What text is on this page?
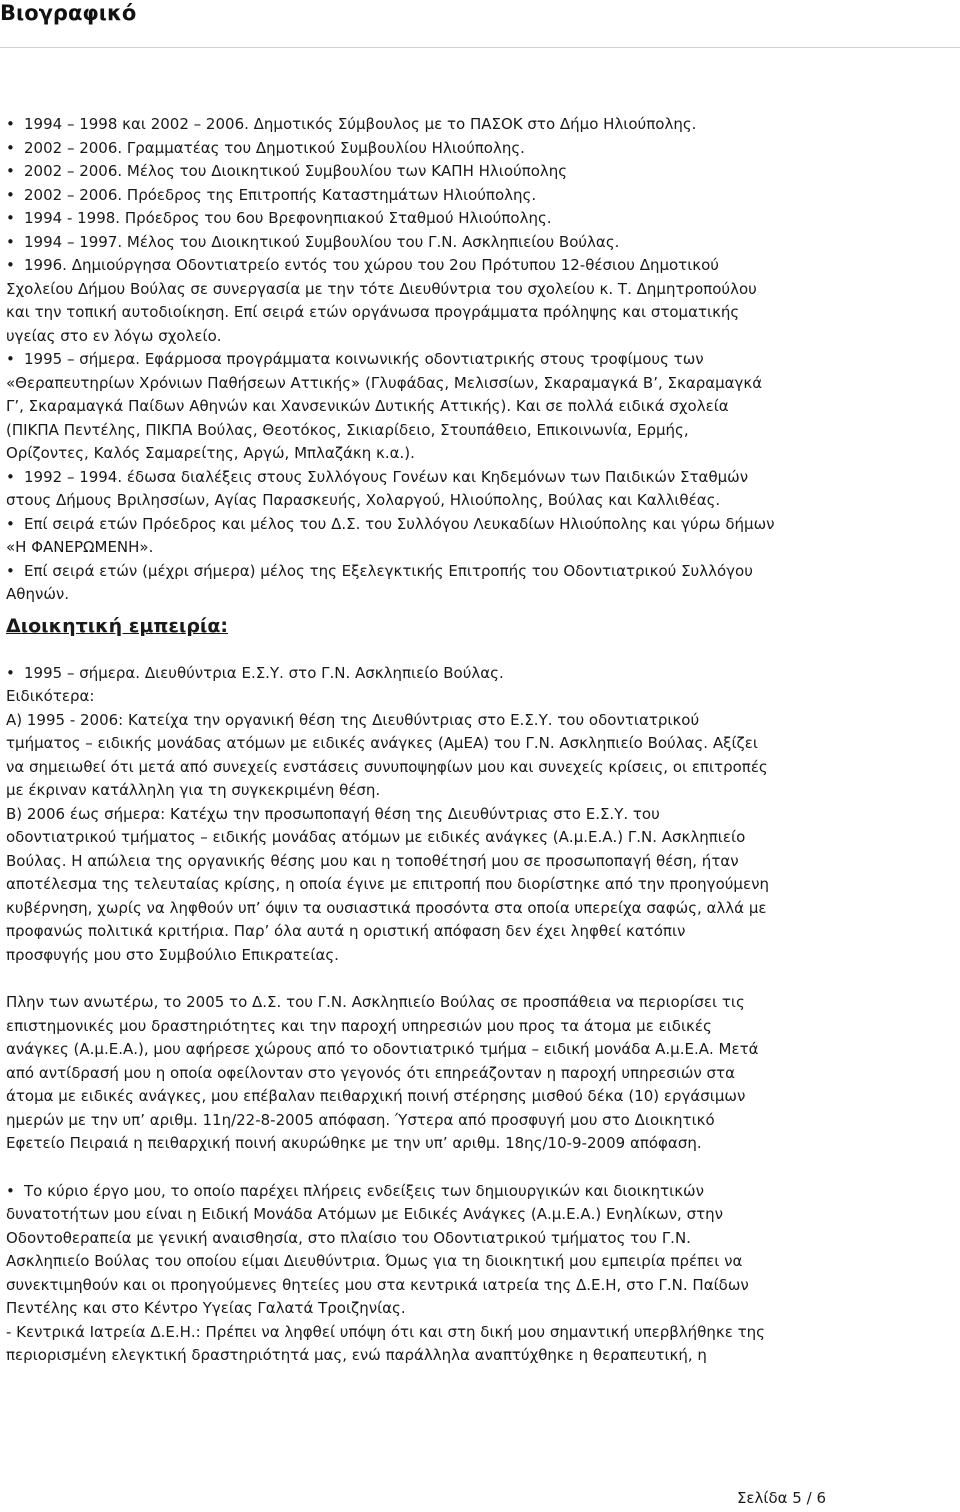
Βιογραφικό
• 1994 – 1998 και 2002 – 2006. Δημοτικός Σύμβουλος με το ΠΑΣΟΚ στο Δήμο Ηλιούπολης.
• 2002 – 2006. Γραμματέας του Δημοτικού Συμβουλίου Ηλιούπολης.
• 2002 – 2006. Μέλος του Διοικητικού Συμβουλίου των ΚΑΠΗ Ηλιούπολης
• 2002 – 2006. Πρόεδρος της Επιτροπής Καταστημάτων Ηλιούπολης.
• 1994 - 1998. Πρόεδρος του 6ου Βρεφονηπιακού Σταθμού Ηλιούπολης.
• 1994 – 1997. Μέλος του Διοικητικού Συμβουλίου του Γ.Ν. Ασκληπιείου Βούλας.
• 1996. Δημιούργησα Οδοντιατρείο εντός του χώρου του 2ου Πρότυπου 12-θέσιου Δημοτικού
Σχολείου Δήμου Βούλας σε συνεργασία με την τότε Διευθύντρια του σχολείου κ. Τ. Δημητροπούλου
και την τοπική αυτοδιοίκηση. Επί σειρά ετών οργάνωσα προγράμματα πρόληψης και στοματικής
υγείας στο εν λόγω σχολείο.
• 1995 – σήμερα. Εφάρμοσα προγράμματα κοινωνικής οδοντιατρικής στους τροφίμους των
«Θεραπευτηρίων Χρόνιων Παθήσεων Αττικής» (Γλυφάδας, Μελισσίων, Σκαραμαγκά Β’, Σκαραμαγκά
Γ’, Σκαραμαγκά Παίδων Αθηνών και Χανσενικών Δυτικής Αττικής). Και σε πολλά ειδικά σχολεία
(ΠΙΚΠΑ Πεντέλης, ΠΙΚΠΑ Βούλας, Θεοτόκος, Σικιαρίδειο, Στουπάθειο, Επικοινωνία, Ερμής,
Ορίζοντες, Καλός Σαμαρείτης, Αργώ, Μπλαζάκη κ.α.).
• 1992 – 1994. έδωσα διαλέξεις στους Συλλόγους Γονέων και Κηδεμόνων των Παιδικών Σταθμών
στους Δήμους Βριλησσίων, Αγίας Παρασκευής, Χολαργού, Ηλιούπολης, Βούλας και Καλλιθέας.
• Επί σειρά ετών Πρόεδρος και μέλος του Δ.Σ. του Συλλόγου Λευκαδίων Ηλιούπολης και γύρω δήμων
«Η ΦΑΝΕΡΩΜΕΝΗ».
• Επί σειρά ετών (μέχρι σήμερα) μέλος της Εξελεγκτικής Επιτροπής του Οδοντιατρικού Συλλόγου
Αθηνών.
Διοικητική εμπειρία:
• 1995 – σήμερα. Διευθύντρια Ε.Σ.Υ. στο Γ.Ν. Ασκληπιείο Βούλας.
Ειδικότερα:
Α) 1995 - 2006: Κατείχα την οργανική θέση της Διευθύντριας στο Ε.Σ.Υ. του οδοντιατρικού
τμήματος – ειδικής μονάδας ατόμων με ειδικές ανάγκες (ΑμΕΑ) του Γ.Ν. Ασκληπιείο Βούλας. Αξίζει
να σημειωθεί ότι μετά από συνεχείς ενστάσεις συνυποψηφίων μου και συνεχείς κρίσεις, οι επιτροπές
με έκριναν κατάλληλη για τη συγκεκριμένη θέση.
Β) 2006 έως σήμερα: Κατέχω την προσωποπαγή θέση της Διευθύντριας στο Ε.Σ.Υ. του
οδοντιατρικού τμήματος – ειδικής μονάδας ατόμων με ειδικές ανάγκες (Α.μ.Ε.Α.) Γ.Ν. Ασκληπιείο
Βούλας. Η απώλεια της οργανικής θέσης μου και η τοποθέτησή μου σε προσωποπαγή θέση, ήταν
αποτέλεσμα της τελευταίας κρίσης, η οποία έγινε με επιτροπή που διορίστηκε από την προηγούμενη
κυβέρνηση, χωρίς να ληφθούν υπ’ όψιν τα ουσιαστικά προσόντα στα οποία υπερείχα σαφώς, αλλά με
προφανώς πολιτικά κριτήρια. Παρ’ όλα αυτά η οριστική απόφαση δεν έχει ληφθεί κατόπιν
προσφυγής μου στο Συμβούλιο Επικρατείας.
Πλην των ανωτέρω, το 2005 το Δ.Σ. του Γ.Ν. Ασκληπιείο Βούλας σε προσπάθεια να περιορίσει τις
επιστημονικές μου δραστηριότητες και την παροχή υπηρεσιών μου προς τα άτομα με ειδικές
ανάγκες (Α.μ.Ε.Α.), μου αφήρεσε χώρους από το οδοντιατρικό τμήμα – ειδική μονάδα Α.μ.Ε.Α. Μετά
από αντίδρασή μου η οποία οφείλονταν στο γεγονός ότι επηρεάζονταν η παροχή υπηρεσιών στα
άτομα με ειδικές ανάγκες, μου επέβαλαν πειθαρχική ποινή στέρησης μισθού δέκα (10) εργάσιμων
ημερών με την υπ’ αριθμ. 11η/22-8-2005 απόφαση. Ύστερα από προσφυγή μου στο Διοικητικό
Εφετείο Πειραιά η πειθαρχική ποινή ακυρώθηκε με την υπ’ αριθμ. 18ης/10-9-2009 απόφαση.
• Το κύριο έργο μου, το οποίο παρέχει πλήρεις ενδείξεις των δημιουργικών και διοικητικών
δυνατοτήτων μου είναι η Ειδική Μονάδα Ατόμων με Ειδικές Ανάγκες (Α.μ.Ε.Α.) Ενηλίκων, στην
Οδοντοθεραπεία με γενική αναισθησία, στο πλαίσιο του Οδοντιατρικού τμήματος του Γ.Ν.
Ασκληπιείο Βούλας του οποίου είμαι Διευθύντρια. Όμως για τη διοικητική μου εμπειρία πρέπει να
συνεκτιμηθούν και οι προηγούμενες θητείες μου στα κεντρικά ιατρεία της Δ.Ε.Η, στο Γ.Ν. Παίδων
Πεντέλης και στο Κέντρο Υγείας Γαλατά Τροιζηνίας.
- Κεντρικά Ιατρεία Δ.Ε.Η.: Πρέπει να ληφθεί υπόψη ότι και στη δική μου σημαντική υπερβλήθηκε της
περιορισμένη ελεγκτική δραστηριότητά μας, ενώ παράλληλα αναπτύχθηκε η θεραπευτική, η
Σελίδα 5 / 6
